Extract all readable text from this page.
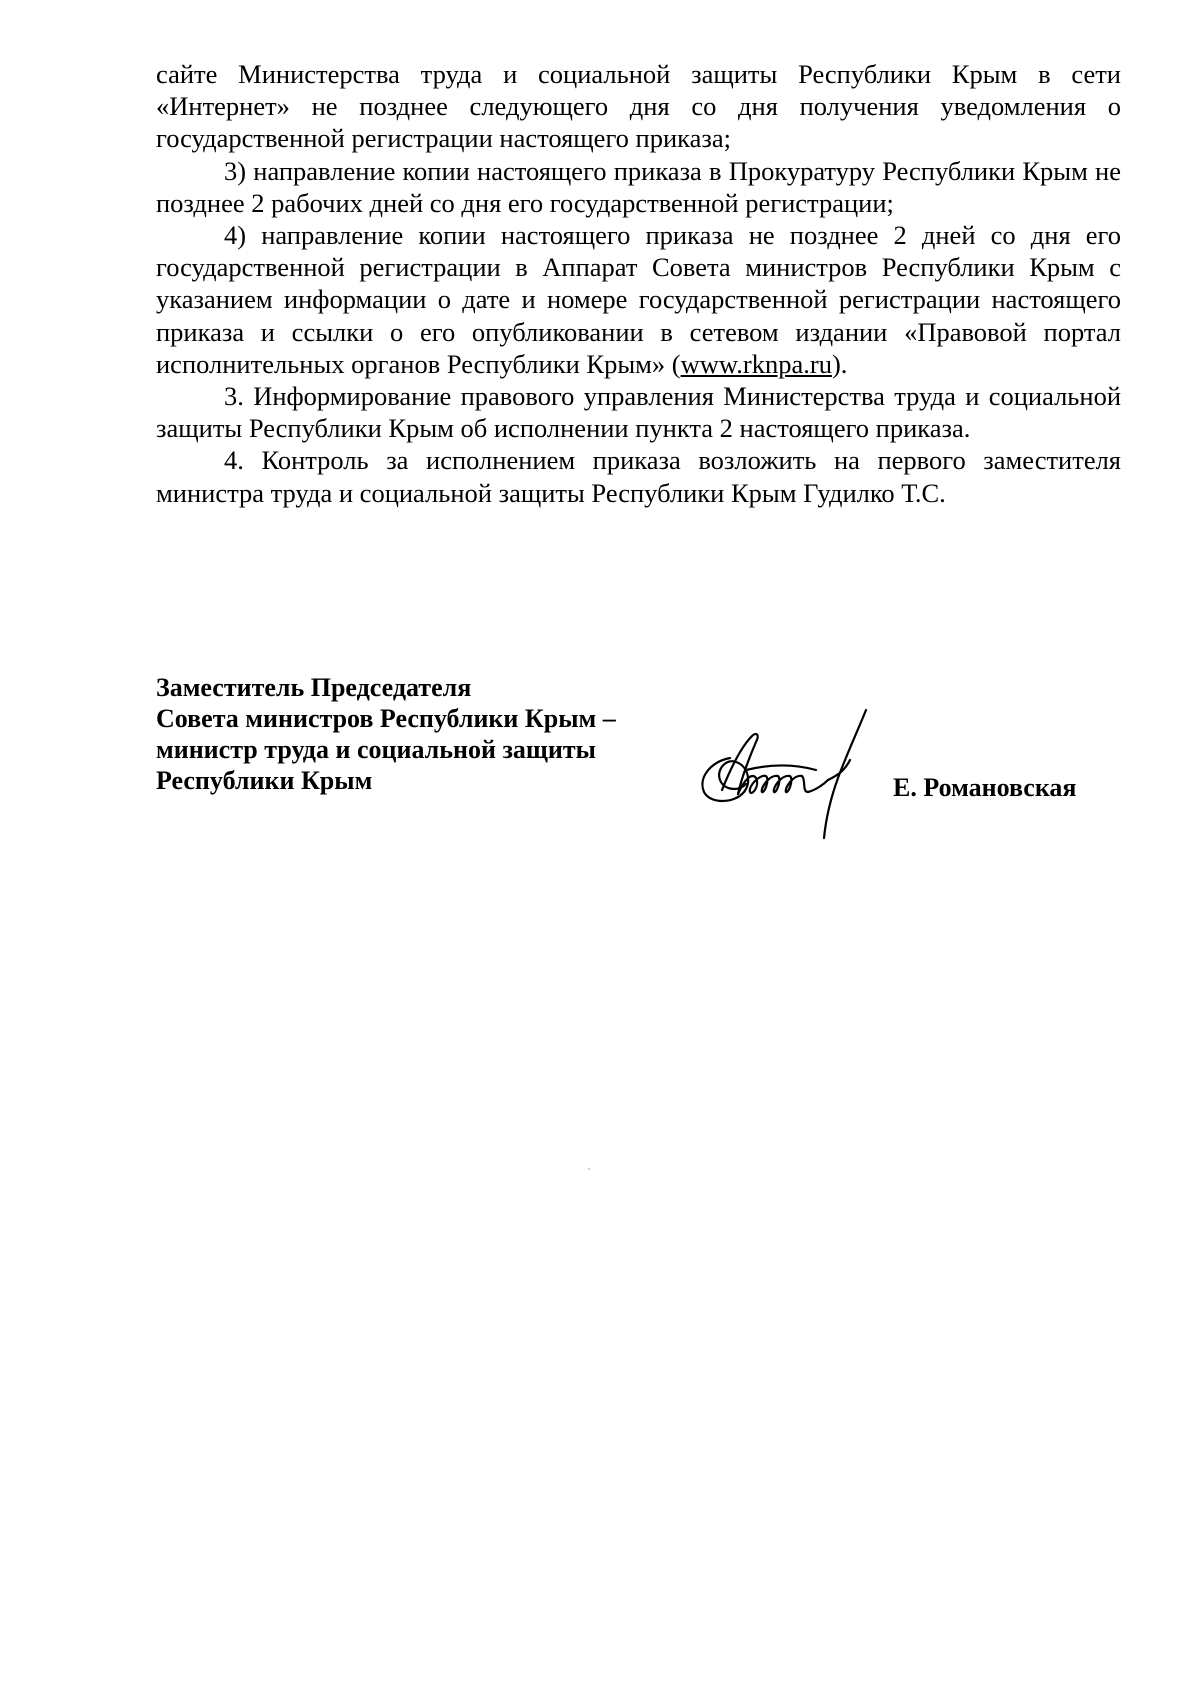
сайте Министерства труда и социальной защиты Республики Крым в сети «Интернет» не позднее следующего дня со дня получения уведомления о государственной регистрации настоящего приказа;

3) направление копии настоящего приказа в Прокуратуру Республики Крым не позднее 2 рабочих дней со дня его государственной регистрации;

4) направление копии настоящего приказа не позднее 2 дней со дня его государственной регистрации в Аппарат Совета министров Республики Крым с указанием информации о дате и номере государственной регистрации настоящего приказа и ссылки о его опубликовании в сетевом издании «Правовой портал исполнительных органов Республики Крым» (www.rknpa.ru).

3. Информирование правового управления Министерства труда и социальной защиты Республики Крым об исполнении пункта 2 настоящего приказа.

4. Контроль за исполнением приказа возложить на первого заместителя министра труда и социальной защиты Республики Крым Гудилко Т.С.

Заместитель Председателя
Совета министров Республики Крым –
министр труда и социальной защиты
Республики Крым	Е. Романовская
